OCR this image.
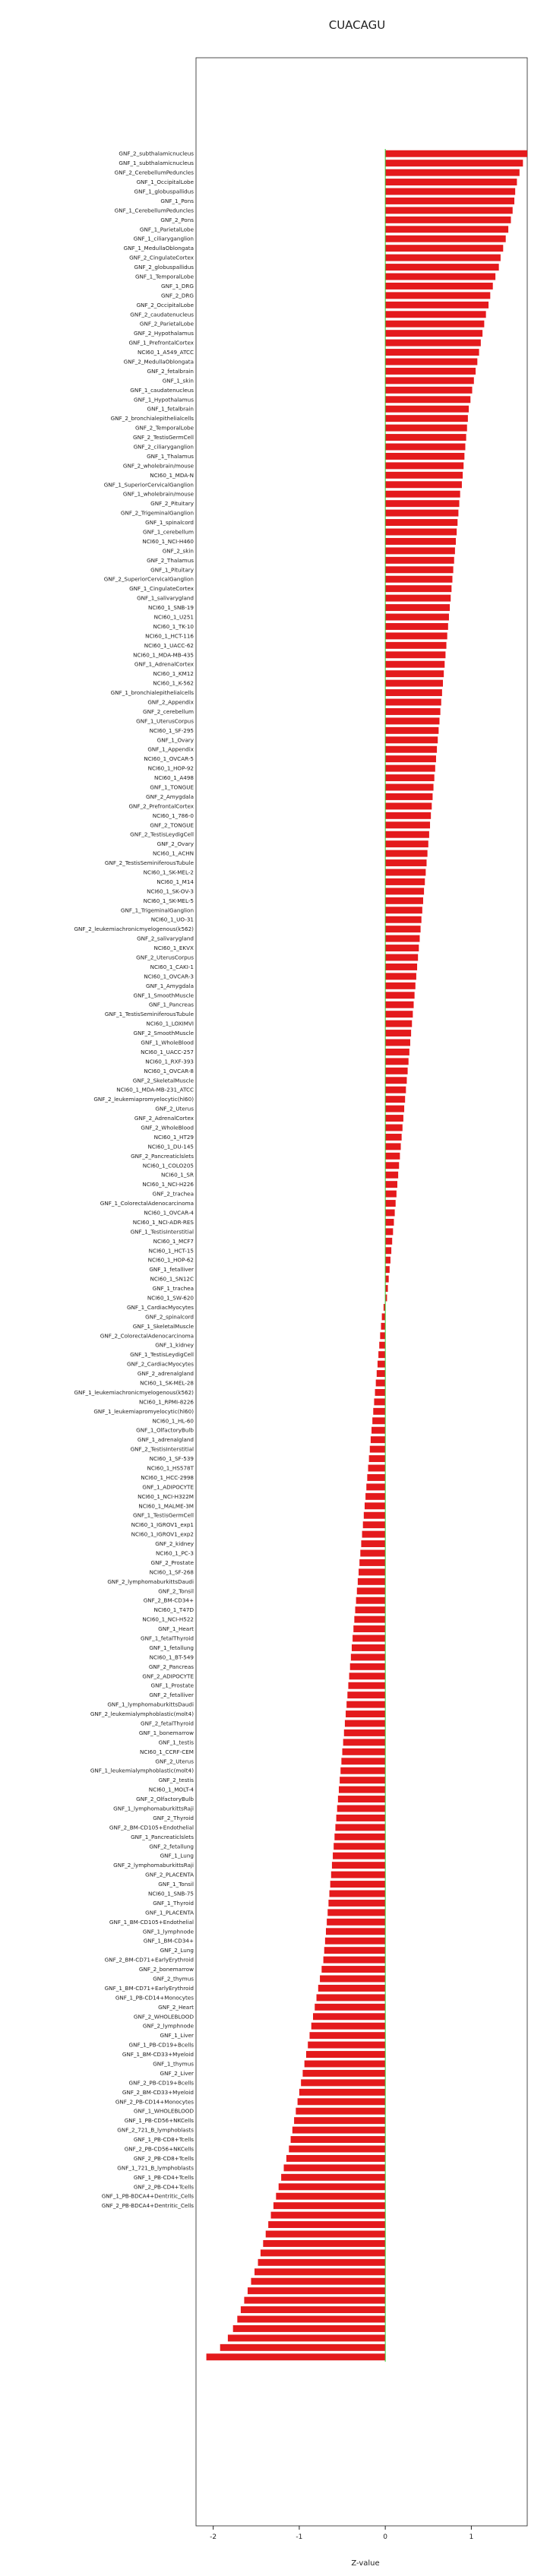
CUACAGU
GNF_2_subthalamicnucleus
GNF_1_subthalamicnucleus
GNF_2_CerebellumPeduncles
GNF_1_OccipitalLobe
GNF_1_globuspallidus
GNF_1_Pons
GNF_1_CerebellumPeduncles
GNF_2_Pons
GNF_1_ParietalLobe
GNF_1_ciliaryganglion
GNF_1_MedullaOblongata
GNF_2_CingulateCortex
GNF_2_globuspallidus
GNF_1_TemporalLobe
GNF_1_DRG
GNF_2_DRG
GNF_2_OccipitalLobe
GNF_2_caudatenucleus
GNF_2_ParietalLobe
GNF_2_Hypothalamus
GNF_1_PrefrontalCortex
NCI60_1_A549_ATCC
GNF_2_MedullaOblongata
GNF_2_fetalbrain
GNF_1_skin
GNF_1_caudatenucleus
GNF_1_Hypothalamus
GNF_1_fetalbrain
GNF_2_bronchialepithelialcells
GNF_2_TemporalLobe
GNF_2_TestisGermCell
GNF_2_ciliaryganglion
GNF_1_Thalamus
GNF_2_wholebrain/mouse
NCI60_1_MDA-N
GNF_1_SuperiorCervicalGanglion
GNF_1_wholebrain/mouse
GNF_2_Pituitary
GNF_2_TrigeminalGanglion
GNF_1_spinalcord
GNF_1_cerebellum
NCI60_1_NCI-H460
GNF_2_skin
GNF_2_Thalamus
GNF_1_Pituitary
GNF_2_SuperiorCervicalGanglion
GNF_1_CingulateCortex
GNF_1_salivarygland
NCI60_1_SNB-19
NCI60_1_U251
NCI60_1_TK-10
NCI60_1_HCT-116
NCI60_1_UACC-62
NCI60_1_MDA-MB-435
GNF_1_AdrenalCortex
NCI60_1_KM12
NCI60_1_K-562
GNF_1_bronchialepithelialcells
GNF_2_Appendix
GNF_2_cerebellum
GNF_1_UterusCorpus
NCI60_1_SF-295
GNF_1_Ovary
GNF_1_Appendix
NCI60_1_OVCAR-5
NCI60_1_HOP-92
NCI60_1_A498
GNF_1_TONGUE
GNF_2_Amygdala
GNF_2_PrefrontalCortex
NCI60_1_786-0
GNF_2_TONGUE
GNF_2_TestisLeydigCell
GNF_2_Ovary
NCI60_1_ACHN
GNF_2_TestisSeminiferousTubule
NCI60_1_SK-MEL-2
NCI60_1_M14
NCI60_1_SK-OV-3
NCI60_1_SK-MEL-5
GNF_1_TrigeminalGanglion
NCI60_1_UO-31
GNF_2_leukemiachronicmyelogenous(k562)
GNF_2_salivarygland
NCI60_1_EKVX
GNF_2_UterusCorpus
NCI60_1_CAKI-1
NCI60_1_OVCAR-3
GNF_1_Amygdala
GNF_1_SmoothMuscle
GNF_1_Pancreas
GNF_1_TestisSeminiferousTubule
NCI60_1_LOXIMVI
GNF_2_SmoothMuscle
GNF_1_WholeBlood
NCI60_1_UACC-257
NCI60_1_RXF-393
NCI60_1_OVCAR-8
GNF_2_SkeletalMuscle
NCI60_1_MDA-MB-231_ATCC
GNF_2_leukemiapromyelocytic(hl60)
GNF_2_Uterus
GNF_2_AdrenalCortex
GNF_2_WholeBlood
NCI60_1_HT29
NCI60_1_DU-145
GNF_2_Pancreaticlslets
NCI60_1_COLO205
NCI60_1_SR
NCI60_1_NCI-H226
GNF_2_trachea
GNF_1_ColorectalAdenocarcinoma
NCI60_1_OVCAR-4
NCI60_1_NCI-ADR-RES
GNF_1_TestisInterstitial
NCI60_1_MCF7
NCI60_1_HCT-15
NCI60_1_HOP-62
GNF_1_fetalliver
NCI60_1_SN12C
GNF_1_trachea
NCI60_1_SW-620
GNF_1_CardiacMyocytes
GNF_2_spinalcord
GNF_1_SkeletalMuscle
GNF_2_ColorectalAdenocarcinoma
GNF_1_kidney
GNF_1_TestisLeydigCell
GNF_2_CardiacMyocytes
GNF_2_adrenalgland
NCI60_1_SK-MEL-28
GNF_1_leukemiachronicmyelogenous(k562)
NCI60_1_RPMI-8226
GNF_1_leukemiapromyelocytic(hl60)
NCI60_1_HL-60
GNF_1_OlfactoryBulb
GNF_1_adrenalgland
GNF_2_TestisInterstitial
NCI60_1_SF-539
NCI60_1_HS578T
NCI60_1_HCC-2998
GNF_1_ADIPOCYTE
NCI60_1_NCI-H322M
NCI60_1_MALME-3M
GNF_1_TestisGermCell
NCI60_1_IGROV1_exp1
NCI60_1_IGROV1_exp2
GNF_2_kidney
NCI60_1_PC-3
GNF_2_Prostate
NCI60_1_SF-268
GNF_2_lymphomaburkittsDaudi
GNF_2_Tonsil
GNF_2_BM-CD34+
NCI60_1_T47D
NCI60_1_NCI-H522
GNF_1_Heart
GNF_1_fetalThyroid
GNF_1_fetallung
NCI60_1_BT-549
GNF_2_Pancreas
GNF_2_ADIPOCYTE
GNF_1_Prostate
GNF_2_fetalliver
GNF_1_lymphomaburkittsDaudi
GNF_2_leukemialymphoblastic(molt4)
GNF_2_fetalThyroid
GNF_1_bonemarrow
GNF_1_testis
NCI60_1_CCRF-CEM
GNF_2_Uterus
GNF_1_leukemialymphoblastic(molt4)
GNF_2_testis
NCI60_1_MOLT-4
GNF_2_OlfactoryBulb
GNF_1_lymphomaburkittsRaji
GNF_2_Thyroid
GNF_2_BM-CD105+Endothelial
GNF_1_Pancreaticlslets
GNF_2_fetallung
GNF_1_Lung
GNF_2_lymphomaburkittsRaji
GNF_2_PLACENTA
GNF_1_Tonsil
NCI60_1_SNB-75
GNF_1_Thyroid
GNF_1_PLACENTA
GNF_1_BM-CD105+Endothelial
GNF_1_lymphnode
GNF_1_BM-CD34+
GNF_2_Lung
GNF_2_BM-CD71+EarlyErythroid
GNF_2_bonemarrow
GNF_2_thymus
GNF_1_BM-CD71+EarlyErythroid
GNF_1_PB-CD14+Monocytes
GNF_2_Heart
GNF_2_WHOLEBLOOD
GNF_2_lymphnode
GNF_1_Liver
GNF_1_PB-CD19+Bcells
GNF_1_BM-CD33+Myeloid
GNF_1_thymus
GNF_2_Liver
GNF_2_PB-CD19+Bcells
GNF_2_BM-CD33+Myeloid
GNF_2_PB-CD14+Monocytes
GNF_1_WHOLEBLOOD
GNF_1_PB-CD56+NKCells
GNF_2_721_B_lymphoblasts
GNF_1_PB-CD8+Tcells
GNF_2_PB-CD56+NKCells
GNF_2_PB-CD8+Tcells
GNF_1_721_B_lymphoblasts
GNF_1_PB-CD4+Tcells
GNF_2_PB-CD4+Tcells
GNF_1_PB-BDCA4+Dentritic_Cells
GNF_2_PB-BDCA4+Dentritic_Cells
-2	-1	0	1
Z-value
